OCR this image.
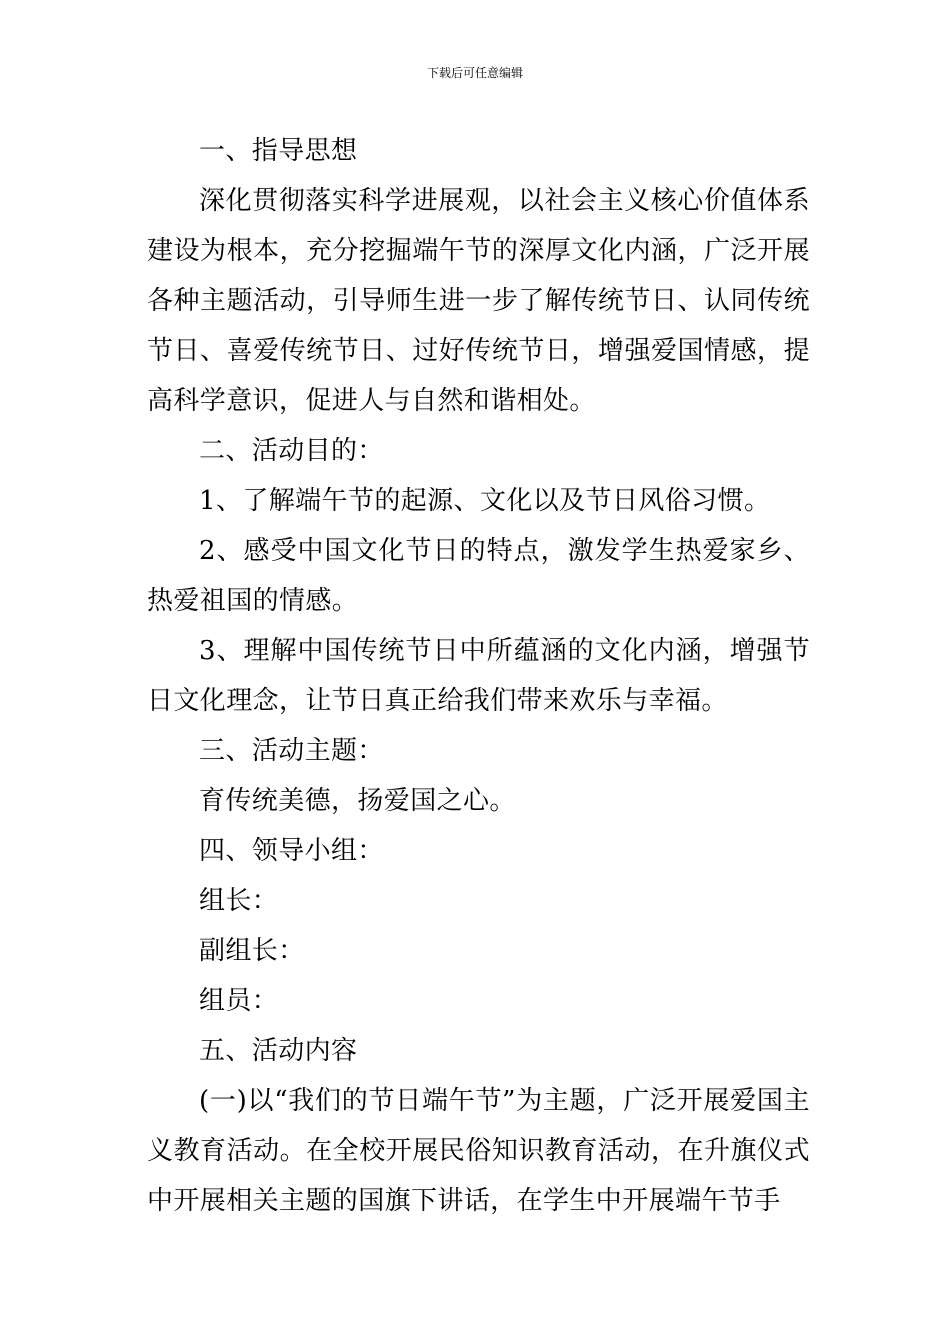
下载后可任意编辑

一、指导思想

深化贯彻落实科学进展观，以社会主义核心价值体系建设为根本，充分挖掘端午节的深厚文化内涵，广泛开展各种主题活动，引导师生进一步了解传统节日、认同传统节日、喜爱传统节日、过好传统节日，增强爱国情感，提高科学意识，促进人与自然和谐相处。

二、活动目的：

1、了解端午节的起源、文化以及节日风俗习惯。

2、感受中国文化节日的特点，激发学生热爱家乡、热爱祖国的情感。

3、理解中国传统节日中所蕴涵的文化内涵，增强节日文化理念，让节日真正给我们带来欢乐与幸福。

三、活动主题：

育传统美德，扬爱国之心。

四、领导小组：

组长：

副组长：

组员：

五、活动内容

(一)以“我们的节日端午节”为主题，广泛开展爱国主义教育活动。在全校开展民俗知识教育活动，在升旗仪式中开展相关主题的国旗下讲话，在学生中开展端午节手
